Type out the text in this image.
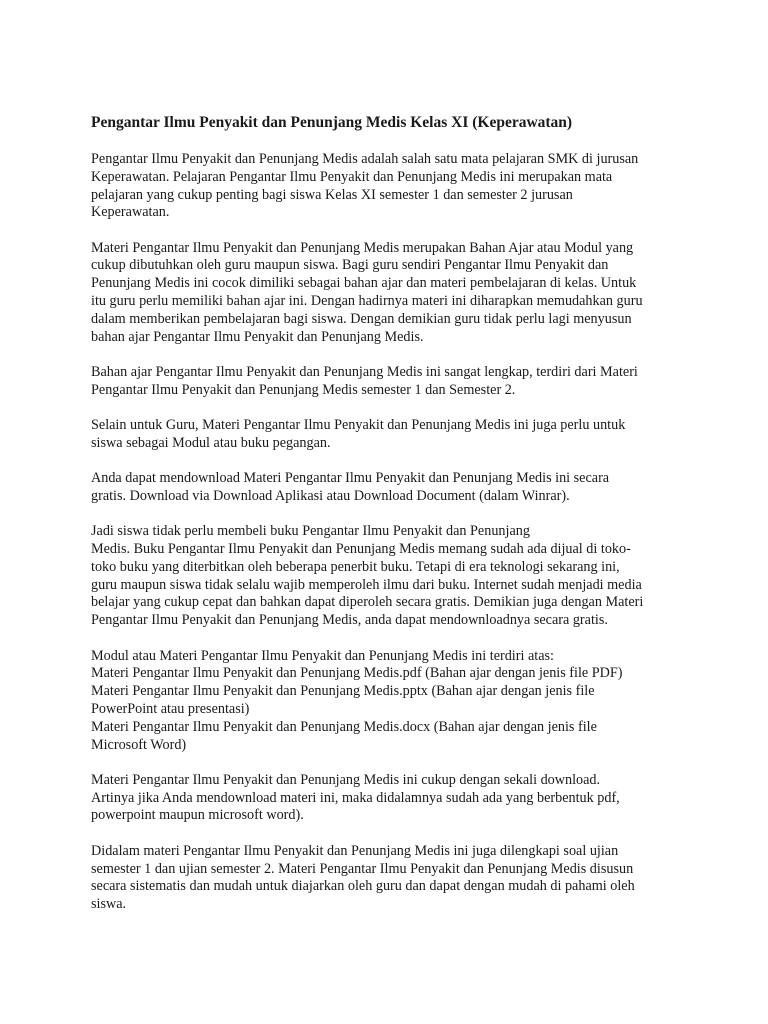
Pengantar Ilmu Penyakit dan Penunjang Medis Kelas XI (Keperawatan)
Pengantar Ilmu Penyakit dan Penunjang Medis adalah salah satu mata pelajaran SMK di jurusan
Keperawatan. Pelajaran Pengantar Ilmu Penyakit dan Penunjang Medis ini merupakan mata
pelajaran yang cukup penting bagi siswa Kelas XI semester 1 dan semester 2 jurusan
Keperawatan.
Materi Pengantar Ilmu Penyakit dan Penunjang Medis merupakan Bahan Ajar atau Modul yang
cukup dibutuhkan oleh guru maupun siswa. Bagi guru sendiri Pengantar Ilmu Penyakit dan
Penunjang Medis ini cocok dimiliki sebagai bahan ajar dan materi pembelajaran di kelas. Untuk
itu guru perlu memiliki bahan ajar ini. Dengan hadirnya materi ini diharapkan memudahkan guru
dalam memberikan pembelajaran bagi siswa. Dengan demikian guru tidak perlu lagi menyusun
bahan ajar Pengantar Ilmu Penyakit dan Penunjang Medis.
Bahan ajar Pengantar Ilmu Penyakit dan Penunjang Medis ini sangat lengkap, terdiri dari Materi
Pengantar Ilmu Penyakit dan Penunjang Medis semester 1 dan Semester 2.
Selain untuk Guru, Materi Pengantar Ilmu Penyakit dan Penunjang Medis ini juga perlu untuk
siswa sebagai Modul atau buku pegangan.
Anda dapat mendownload Materi Pengantar Ilmu Penyakit dan Penunjang Medis ini secara
gratis. Download via Download Aplikasi atau Download Document (dalam Winrar).
Jadi siswa tidak perlu membeli buku Pengantar Ilmu Penyakit dan Penunjang
Medis. Buku Pengantar Ilmu Penyakit dan Penunjang Medis memang sudah ada dijual di toko-
toko buku yang diterbitkan oleh beberapa penerbit buku. Tetapi di era teknologi sekarang ini,
guru maupun siswa tidak selalu wajib memperoleh ilmu dari buku. Internet sudah menjadi media
belajar yang cukup cepat dan bahkan dapat diperoleh secara gratis. Demikian juga dengan Materi
Pengantar Ilmu Penyakit dan Penunjang Medis, anda dapat mendownloadnya secara gratis.
Modul atau Materi Pengantar Ilmu Penyakit dan Penunjang Medis ini terdiri atas:
Materi Pengantar Ilmu Penyakit dan Penunjang Medis.pdf (Bahan ajar dengan jenis file PDF)
Materi Pengantar Ilmu Penyakit dan Penunjang Medis.pptx (Bahan ajar dengan jenis file
PowerPoint atau presentasi)
Materi Pengantar Ilmu Penyakit dan Penunjang Medis.docx (Bahan ajar dengan jenis file
Microsoft Word)
Materi Pengantar Ilmu Penyakit dan Penunjang Medis ini cukup dengan sekali download.
Artinya jika Anda mendownload materi ini, maka didalamnya sudah ada yang berbentuk pdf,
powerpoint maupun microsoft word).
Didalam materi Pengantar Ilmu Penyakit dan Penunjang Medis ini juga dilengkapi soal ujian
semester 1 dan ujian semester 2. Materi Pengantar Ilmu Penyakit dan Penunjang Medis disusun
secara sistematis dan mudah untuk diajarkan oleh guru dan dapat dengan mudah di pahami oleh
siswa.
